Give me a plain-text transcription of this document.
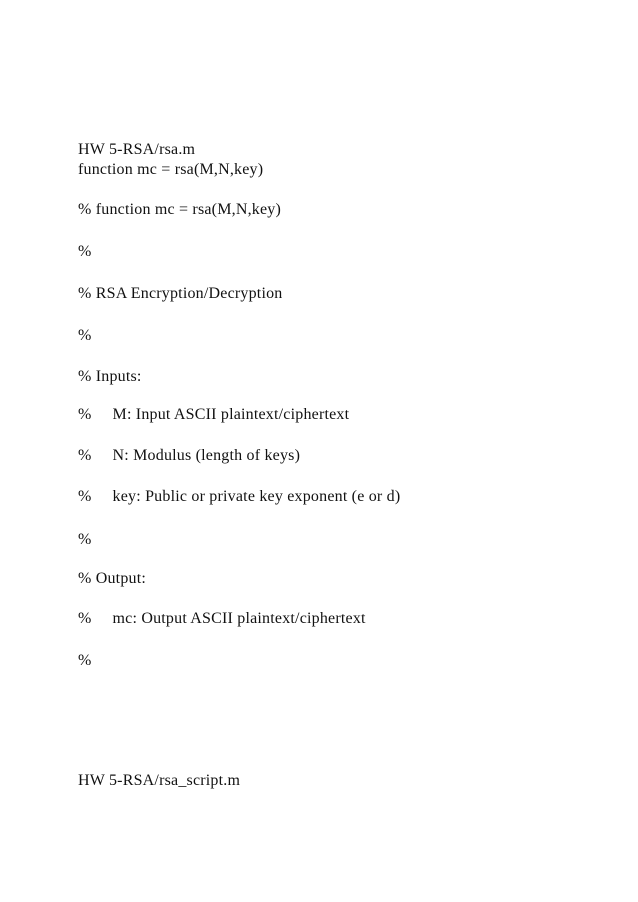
HW 5-RSA/rsa.m

function mc = rsa(M,N,key)

% function mc = rsa(M,N,key)

%

% RSA Encryption/Decryption

%

% Inputs:

%     M: Input ASCII plaintext/ciphertext

%     N: Modulus (length of keys)

%     key: Public or private key exponent (e or d)

%

% Output:

%     mc: Output ASCII plaintext/ciphertext

%

HW 5-RSA/rsa_script.m
